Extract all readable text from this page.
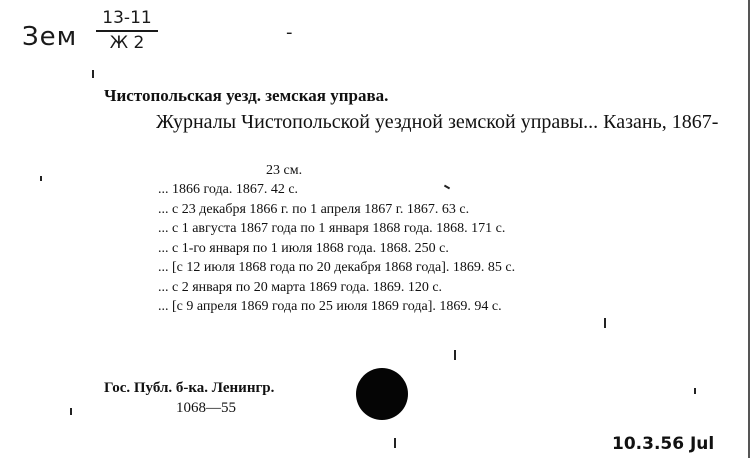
Зем
13-11
Ж 2	-
Чистопольская уезд. земская управа.
Журналы Чистопольской уездной земской управы... Казань, 1867-
23 см.
... 1866 года. 1867. 42 с.
... с 23 декабря 1866 г. по 1 апреля 1867 г. 1867. 63 с.
... с 1 августа 1867 года по 1 января 1868 года. 1868. 171 с.
... с 1-го января по 1 июля 1868 года. 1868. 250 с.
... [с 12 июля 1868 года по 20 декабря 1868 года]. 1869. 85 с.
... с 2 января по 20 марта 1869 года. 1869. 120 с.
... [с 9 апреля 1869 года по 25 июля 1869 года]. 1869. 94 с.
Гос. Публ. б-ка. Ленингр.
1068—55
10.3.56 Jul
